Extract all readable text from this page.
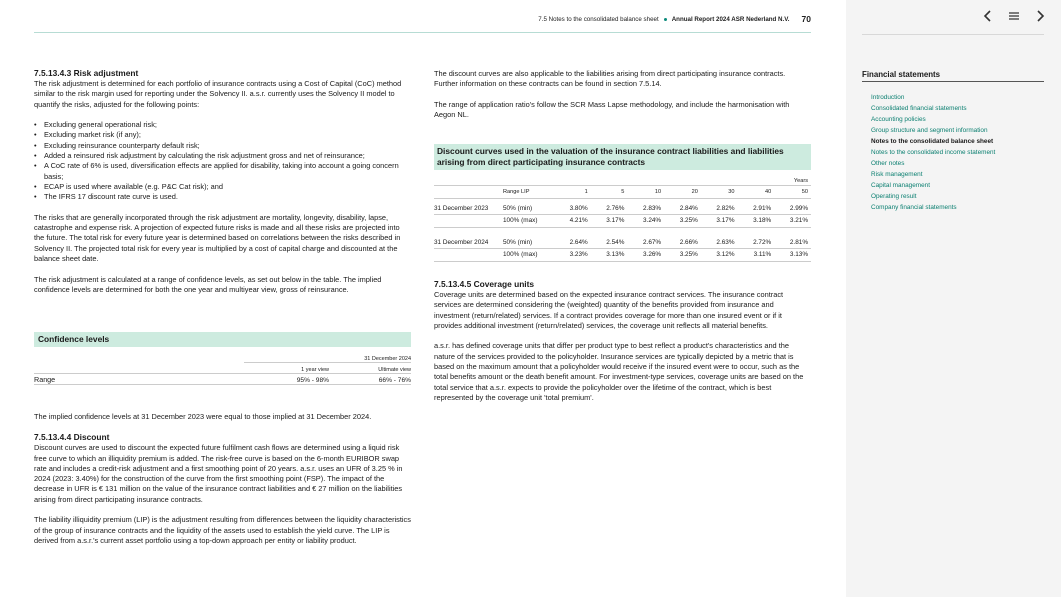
7.5 Notes to the consolidated balance sheet Annual Report 2024 ASR Nederland N.V. 70
7.5.13.4.3 Risk adjustment

The risk adjustment is determined for each portfolio of insurance contracts using a Cost of Capital (CoC) method similar to the risk margin used for reporting under the Solvency II. a.s.r. currently uses the Solvency II model to quantify the risks, adjusted for the following points:

• Excluding general operational risk;
• Excluding market risk (if any);
• Excluding reinsurance counterparty default risk;
• Added a reinsured risk adjustment by calculating the risk adjustment gross and net of reinsurance;
• A CoC rate of 6% is used, diversification effects are applied for disability, taking into account a going concern basis;
• ECAP is used where available (e.g. P&C Cat risk); and
• The IFRS 17 discount rate curve is used.

The risks that are generally incorporated through the risk adjustment are mortality, longevity, disability, lapse, catastrophe and expense risk. A projection of expected future risks is made and all these risks are projected into the future. The total risk for every future year is determined based on correlations between the risks described in Solvency II. The projected total risk for every year is multiplied by a cost of capital charge and discounted at the balance sheet date.

The risk adjustment is calculated at a range of confidence levels, as set out below in the table. The implied confidence levels are determined for both the one year and multiyear view, gross of reinsurance.

Confidence levels
	31 December 2024	
	1 year view	Ultimate view
Range	95% - 98%	66% - 76%

The implied confidence levels at 31 December 2023 were equal to those implied at 31 December 2024.

7.5.13.4.4 Discount

Discount curves are used to discount the expected future fulfilment cash flows are determined using a liquid risk free curve to which an illiquidity premium is added. The risk-free curve is based on the 6-month EURIBOR swap rate and includes a credit-risk adjustment and a first smoothing point of 20 years. a.s.r. uses an UFR of 3.25 % in 2024 (2023: 3.40%) for the construction of the curve from the first smoothing point (FSP). The impact of the decrease in UFR is € 131 million on the value of the insurance contract liabilities and € 27 million on the liabilities arising from direct participating insurance contracts.

The liability illiquidity premium (LIP) is the adjustment resulting from differences between the liquidity characteristics of the group of insurance contracts and the liquidity of the assets used to establish the yield curve. The LIP is derived from a.s.r.'s current asset portfolio using a top-down approach per entity or liability product.

The discount curves are also applicable to the liabilities arising from direct participating insurance contracts. Further information on these contracts can be found in section 7.5.14.

The range of application ratio's follow the SCR Mass Lapse methodology, and include the harmonisation with Aegon NL.

Discount curves used in the valuation of the insurance contract liabilities and liabilities arising from direct participating insurance contracts
Years								
	Range LIP	1	5	10	20	30	40	50

31 December 2023	50% (min)	3.80%	2.76%	2.83%	2.84%	2.82%	2.91%	2.99%
	100% (max)	4.21%	3.17%	3.24%	3.25%	3.17%	3.18%	3.21%

31 December 2024	50% (min)	2.64%	2.54%	2.67%	2.66%	2.63%	2.72%	2.81%
	100% (max)	3.23%	3.13%	3.26%	3.25%	3.12%	3.11%	3.13%
7.5.13.4.5 Coverage units

Coverage units are determined based on the expected insurance contract services. The insurance contract services are determined considering the (weighted) quantity of the benefits provided from insurance and investment (return/related) services. If a contract provides coverage for more than one insured event or if it provides additional investment (return/related) services, the coverage unit reflects all material benefits.

a.s.r. has defined coverage units that differ per product type to best reflect a product's characteristics and the nature of the services provided to the policyholder. Insurance services are typically depicted by a metric that is based on the maximum amount that a policyholder would receive if the insured event were to occur, such as the total benefits amount or the death benefit amount. For investment-type services, coverage units are based on the total service that a.s.r. expects to provide the policyholder over the lifetime of the contract, which is best represented by the coverage unit 'total premium'.

Financial statements
Introduction
Consolidated financial statements
Accounting policies
Group structure and segment information
Notes to the consolidated balance sheet
Notes to the consolidated income statement
Other notes
Risk management
Capital management
Operating result
Company financial statements
